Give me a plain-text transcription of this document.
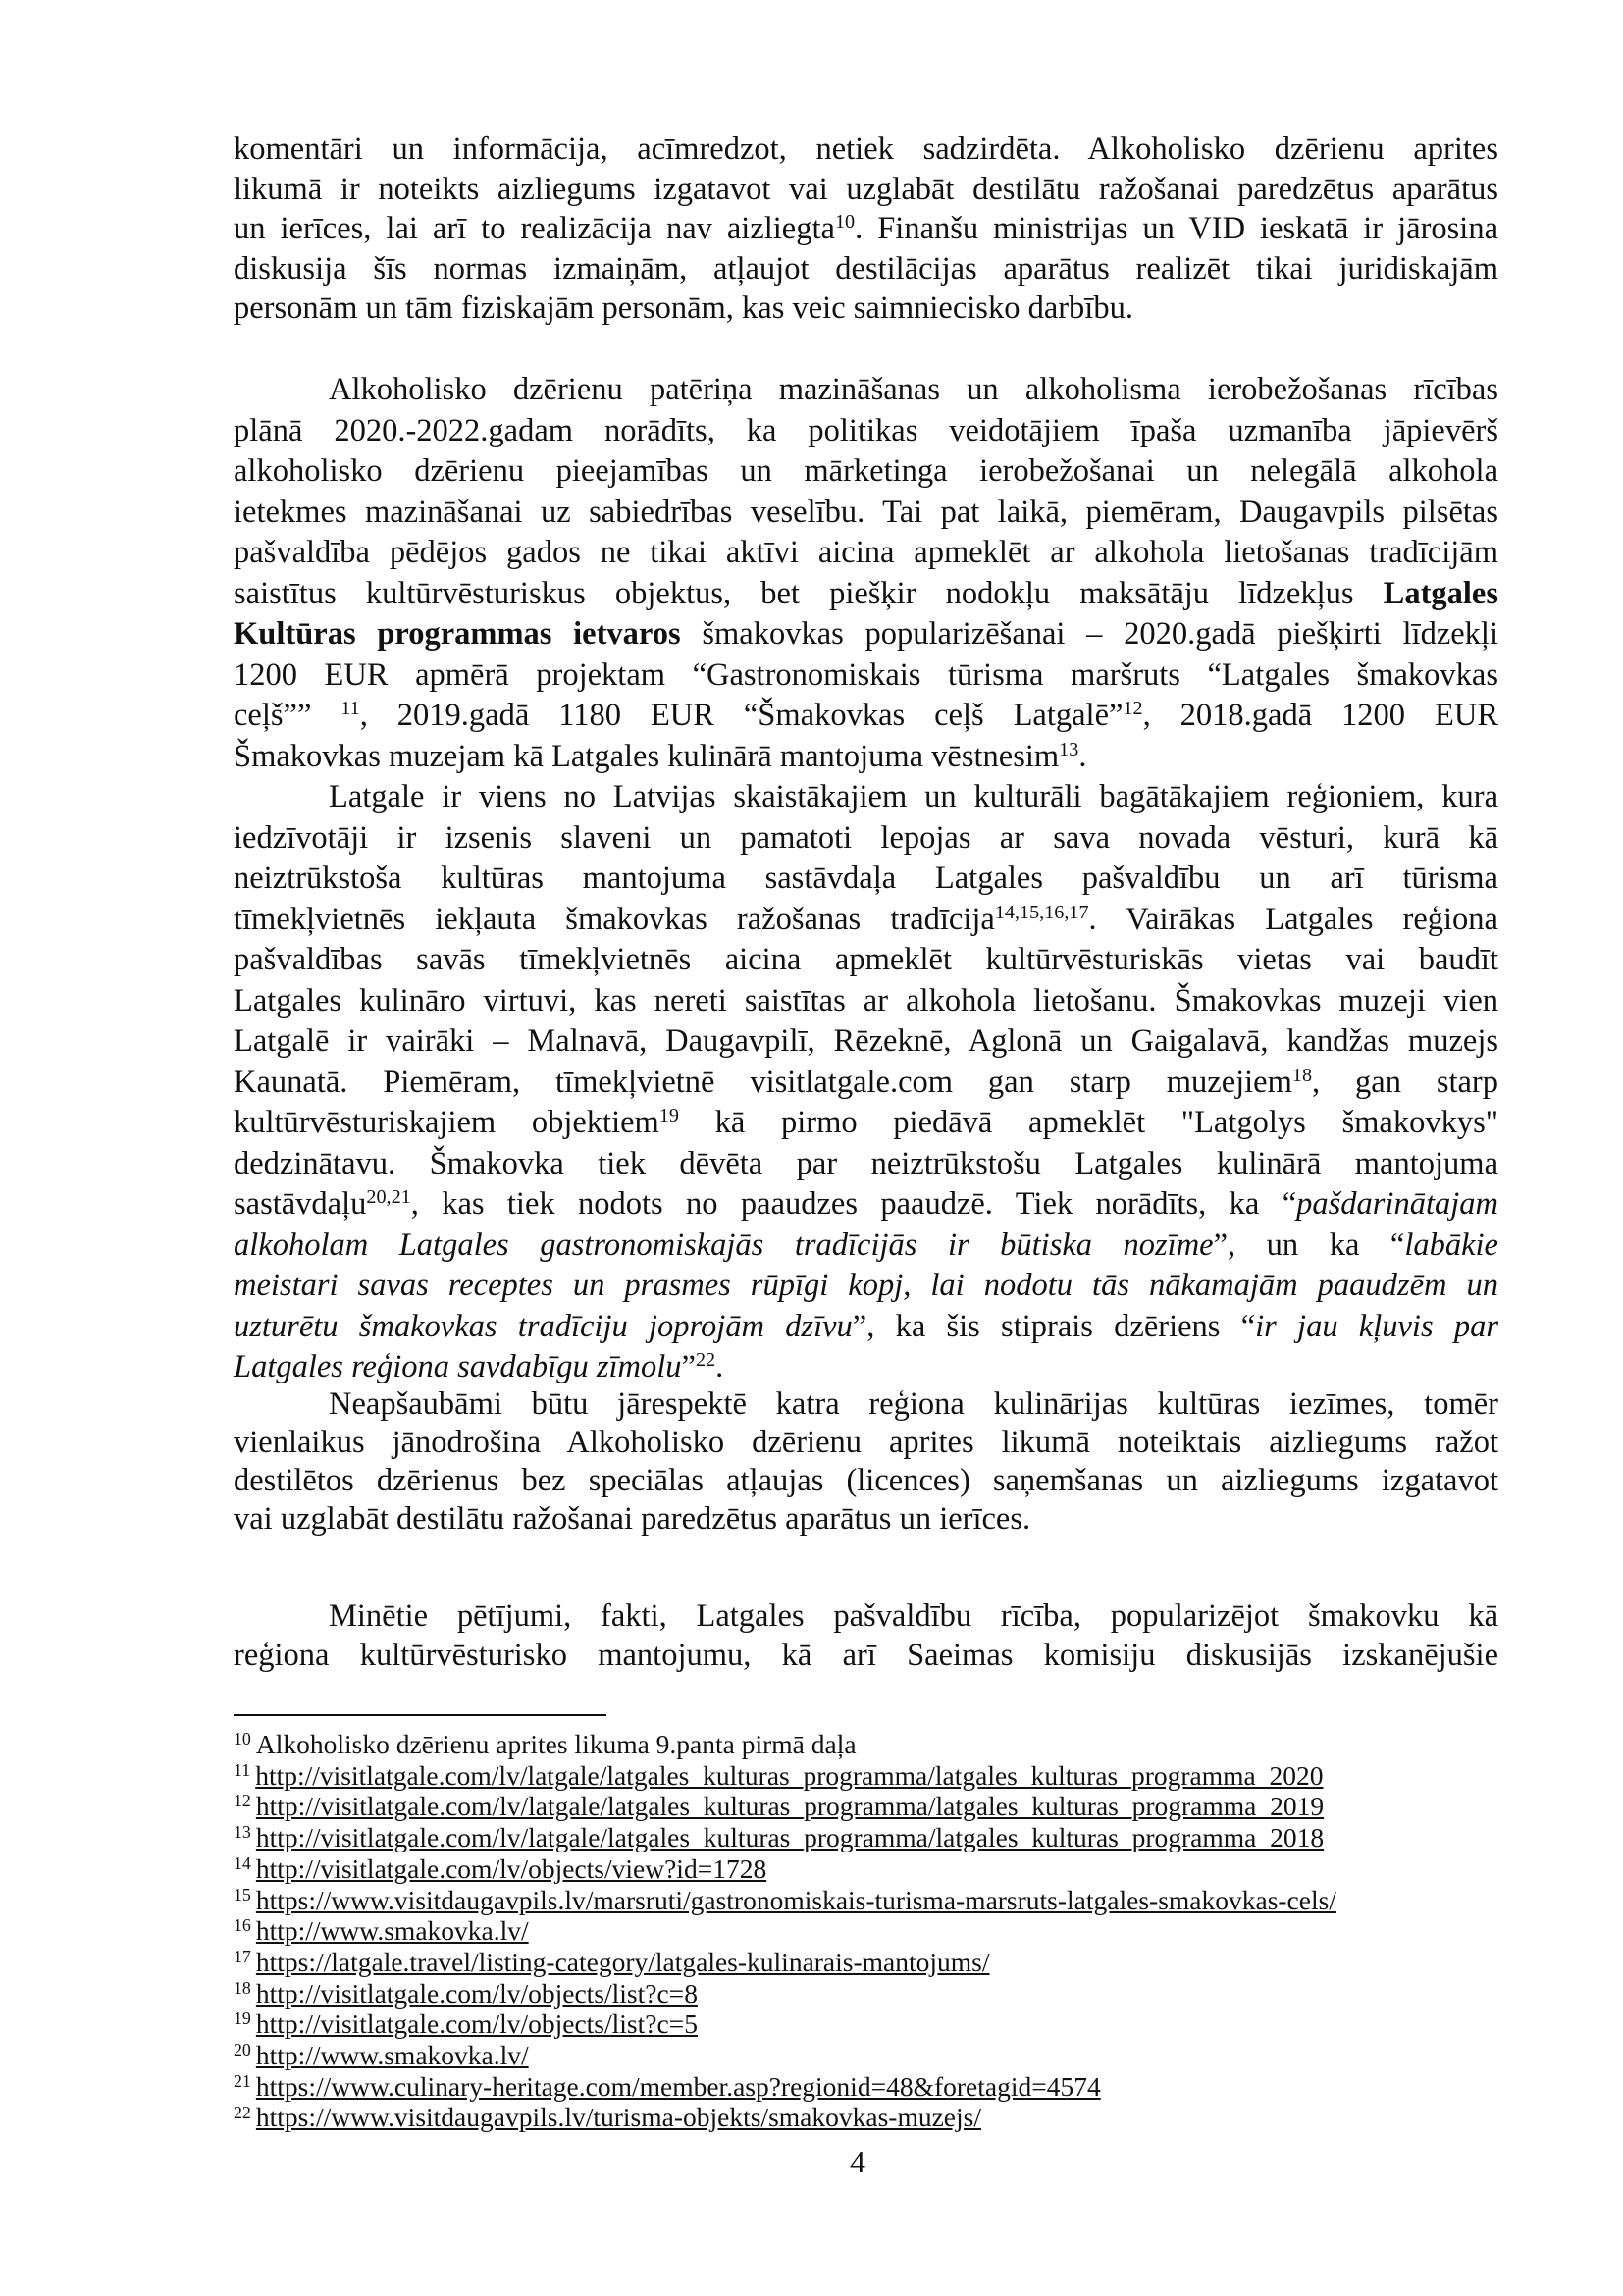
komentāri un informācija, acīmredzot, netiek sadzirdēta. Alkoholisko dzērienu aprites
likumā ir noteikts aizliegums izgatavot vai uzglabāt destilātu ražošanai paredzētus aparātus
un ierīces, lai arī to realizācija nav aizliegta$^{10}$. Finanšu ministrijas un VID ieskatā ir jārosina
diskusija šīs normas izmaiņām, atļaujot destilācijas aparātus realizēt tikai juridiskajām
personām un tām fiziskajām personām, kas veic saimniecisko darbību.
Alkoholisko dzērienu patēriņa mazināšanas un alkoholisma ierobežošanas rīcības
plānā 2020.-2022.gadam norādīts, ka politikas veidotājiem īpaša uzmanība jāpievērš
alkoholisko dzērienu pieejamības un mārketinga ierobežošanai un nelegālā alkohola
ietekmes mazināšanai uz sabiedrības veselību. Tai pat laikā, piemēram, Daugavpils pilsētas
pašvaldība pēdējos gados ne tikai aktīvi aicina apmeklēt ar alkohola lietošanas tradīcijām
saistītus kultūrvēsturiskus objektus, bet piešķir nodokļu maksātāju līdzekļus Latgales
Kultūras programmas ietvaros šmakovkas popularizēšanai – 2020.gadā piešķirti līdzekļi
1200 EUR apmērā projektam “Gastronomiskais tūrisma maršruts “Latgales šmakovkas
ceļš”” $^{11}$, 2019.gadā 1180 EUR “Šmakovkas ceļš Latgalē”$^{12}$, 2018.gadā 1200 EUR
Šmakovkas muzejam kā Latgales kulinārā mantojuma vēstnesim$^{13}$.
Latgale ir viens no Latvijas skaistākajiem un kulturāli bagātākajiem reģioniem, kura
iedzīvotāji ir izsenis slaveni un pamatoti lepojas ar sava novada vēsturi, kurā kā
neiztrūkstoša kultūras mantojuma sastāvdaļa Latgales pašvaldību un arī tūrisma
tīmekļvietnēs iekļauta šmakovkas ražošanas tradīcija$^{14,15,16,17}$. Vairākas Latgales reģiona
pašvaldības savās tīmekļvietnēs aicina apmeklēt kultūrvēsturiskās vietas vai baudīt
Latgales kulināro virtuvi, kas nereti saistītas ar alkohola lietošanu. Šmakovkas muzeji vien
Latgalē ir vairāki – Malnavā, Daugavpilī, Rēzeknē, Aglonā un Gaigalavā, kandžas muzejs
Kaunatā. Piemēram, tīmekļvietnē visitlatgale.com gan starp muzejiem$^{18}$, gan starp
kultūrvēsturiskajiem objektiem$^{19}$ kā pirmo piedāvā apmeklēt "Latgolys šmakovkys"
dedzinātavu. Šmakovka tiek dēvēta par neiztrūkstošu Latgales kulinārā mantojuma
sastāvdaļu$^{20,21}$, kas tiek nodots no paaudzes paaudzē. Tiek norādīts, ka “pašdarinātajam
alkoholam Latgales gastronomiskajās tradīcijās ir būtiska nozīme”, un ka “labākie
meistari savas receptes un prasmes rūpīgi kopj, lai nodotu tās nākamajām paaudzēm un
uzturētu šmakovkas tradīciju joprojām dzīvu”, ka šis stiprais dzēriens “ir jau kļuvis par
Latgales reģiona savdabīgu zīmolu”$^{22}$.
Neapšaubāmi būtu jārespektē katra reģiona kulinārijas kultūras iezīmes, tomēr
vienlaikus jānodrošina Alkoholisko dzērienu aprites likumā noteiktais aizliegums ražot
destilētos dzērienus bez speciālas atļaujas (licences) saņemšanas un aizliegums izgatavot
vai uzglabāt destilātu ražošanai paredzētus aparātus un ierīces.
Minētie pētījumi, fakti, Latgales pašvaldību rīcība, popularizējot šmakovku kā
reģiona kultūrvēsturisko mantojumu, kā arī Saeimas komisiju diskusijās izskanējušie
$^{10}$ Alkoholisko dzērienu aprites likuma 9.panta pirmā daļa
$^{11}$ http://visitlatgale.com/lv/latgale/latgales_kulturas_programma/latgales_kulturas_programma_2020
$^{12}$ http://visitlatgale.com/lv/latgale/latgales_kulturas_programma/latgales_kulturas_programma_2019
$^{13}$ http://visitlatgale.com/lv/latgale/latgales_kulturas_programma/latgales_kulturas_programma_2018
$^{14}$ http://visitlatgale.com/lv/objects/view?id=1728
$^{15}$ https://www.visitdaugavpils.lv/marsruti/gastronomiskais-turisma-marsruts-latgales-smakovkas-cels/
$^{16}$ http://www.smakovka.lv/
$^{17}$ https://latgale.travel/listing-category/latgales-kulinarais-mantojums/
$^{18}$ http://visitlatgale.com/lv/objects/list?c=8
$^{19}$ http://visitlatgale.com/lv/objects/list?c=5
$^{20}$ http://www.smakovka.lv/
$^{21}$ https://www.culinary-heritage.com/member.asp?regionid=48&foretagid=4574
$^{22}$ https://www.visitdaugavpils.lv/turisma-objekts/smakovkas-muzejs/
4
